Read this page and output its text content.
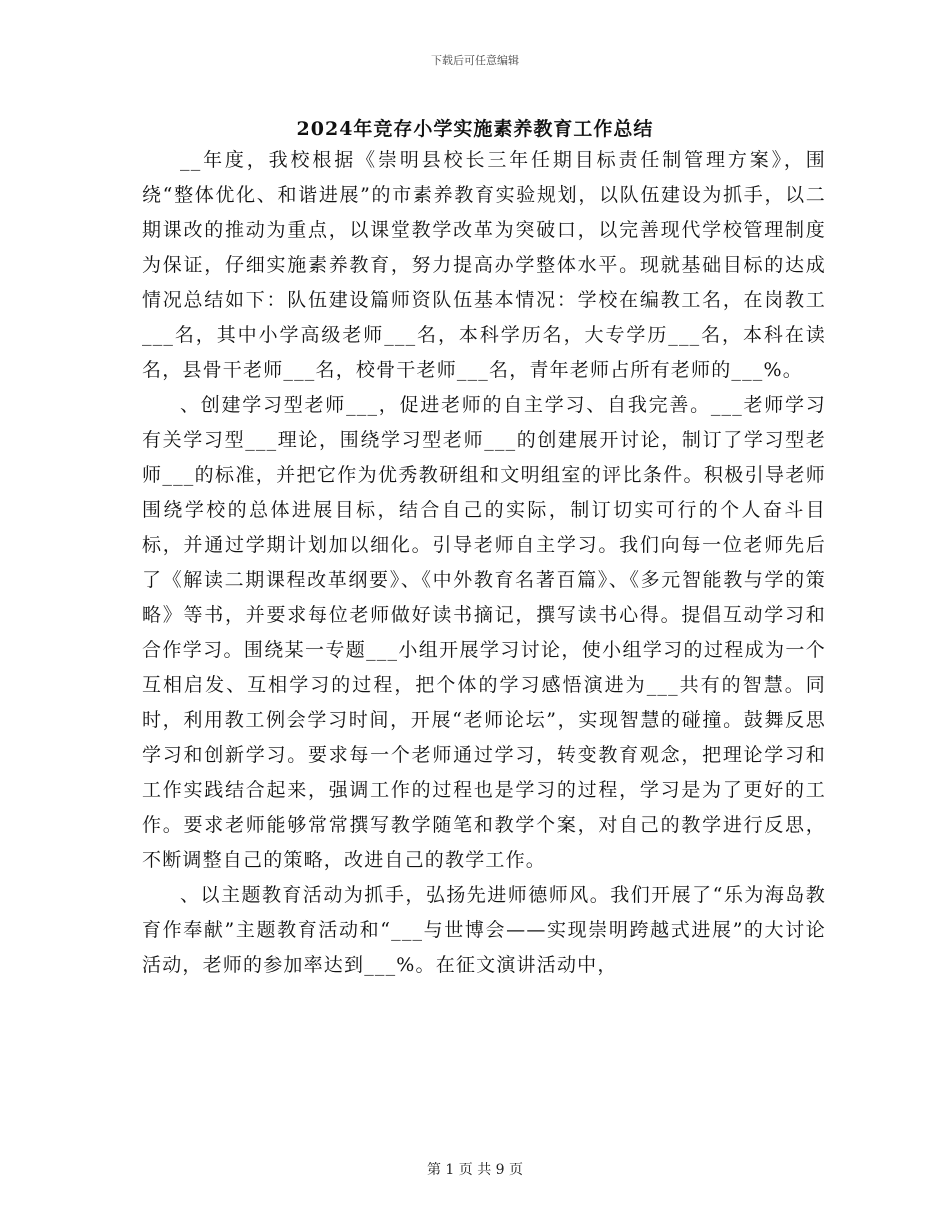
下载后可任意编辑
2024年竞存小学实施素养教育工作总结

__年度，我校根据《崇明县校长三年任期目标责任制管理方案》，围绕“整体优化、和谐进展”的市素养教育实验规划，以队伍建设为抓手，以二期课改的推动为重点，以课堂教学改革为突破口，以完善现代学校管理制度为保证，仔细实施素养教育，努力提高办学整体水平。现就基础目标的达成情况总结如下：队伍建设篇师资队伍基本情况：学校在编教工名，在岗教工___名，其中小学高级老师___名，本科学历名，大专学历___名，本科在读名，县骨干老师___名，校骨干老师___名，青年老师占所有老师的___%。

、创建学习型老师___，促进老师的自主学习、自我完善。___老师学习有关学习型___理论，围绕学习型老师___的创建展开讨论，制订了学习型老师___的标准，并把它作为优秀教研组和文明组室的评比条件。积极引导老师围绕学校的总体进展目标，结合自己的实际，制订切实可行的个人奋斗目标，并通过学期计划加以细化。引导老师自主学习。我们向每一位老师先后了《解读二期课程改革纲要》、《中外教育名著百篇》、《多元智能教与学的策略》等书，并要求每位老师做好读书摘记，撰写读书心得。提倡互动学习和合作学习。围绕某一专题___小组开展学习讨论，使小组学习的过程成为一个互相启发、互相学习的过程，把个体的学习感悟演进为___共有的智慧。同时，利用教工例会学习时间，开展“老师论坛”，实现智慧的碰撞。鼓舞反思学习和创新学习。要求每一个老师通过学习，转变教育观念，把理论学习和工作实践结合起来，强调工作的过程也是学习的过程，学习是为了更好的工作。要求老师能够常常撰写教学随笔和教学个案，对自己的教学进行反思，不断调整自己的策略，改进自己的教学工作。

、以主题教育活动为抓手，弘扬先进师德师风。我们开展了“乐为海岛教育作奉献”主题教育活动和“___与世博会——实现崇明跨越式进展”的大讨论活动，老师的参加率达到___%。在征文演讲活动中，

第 1 页 共 9 页
